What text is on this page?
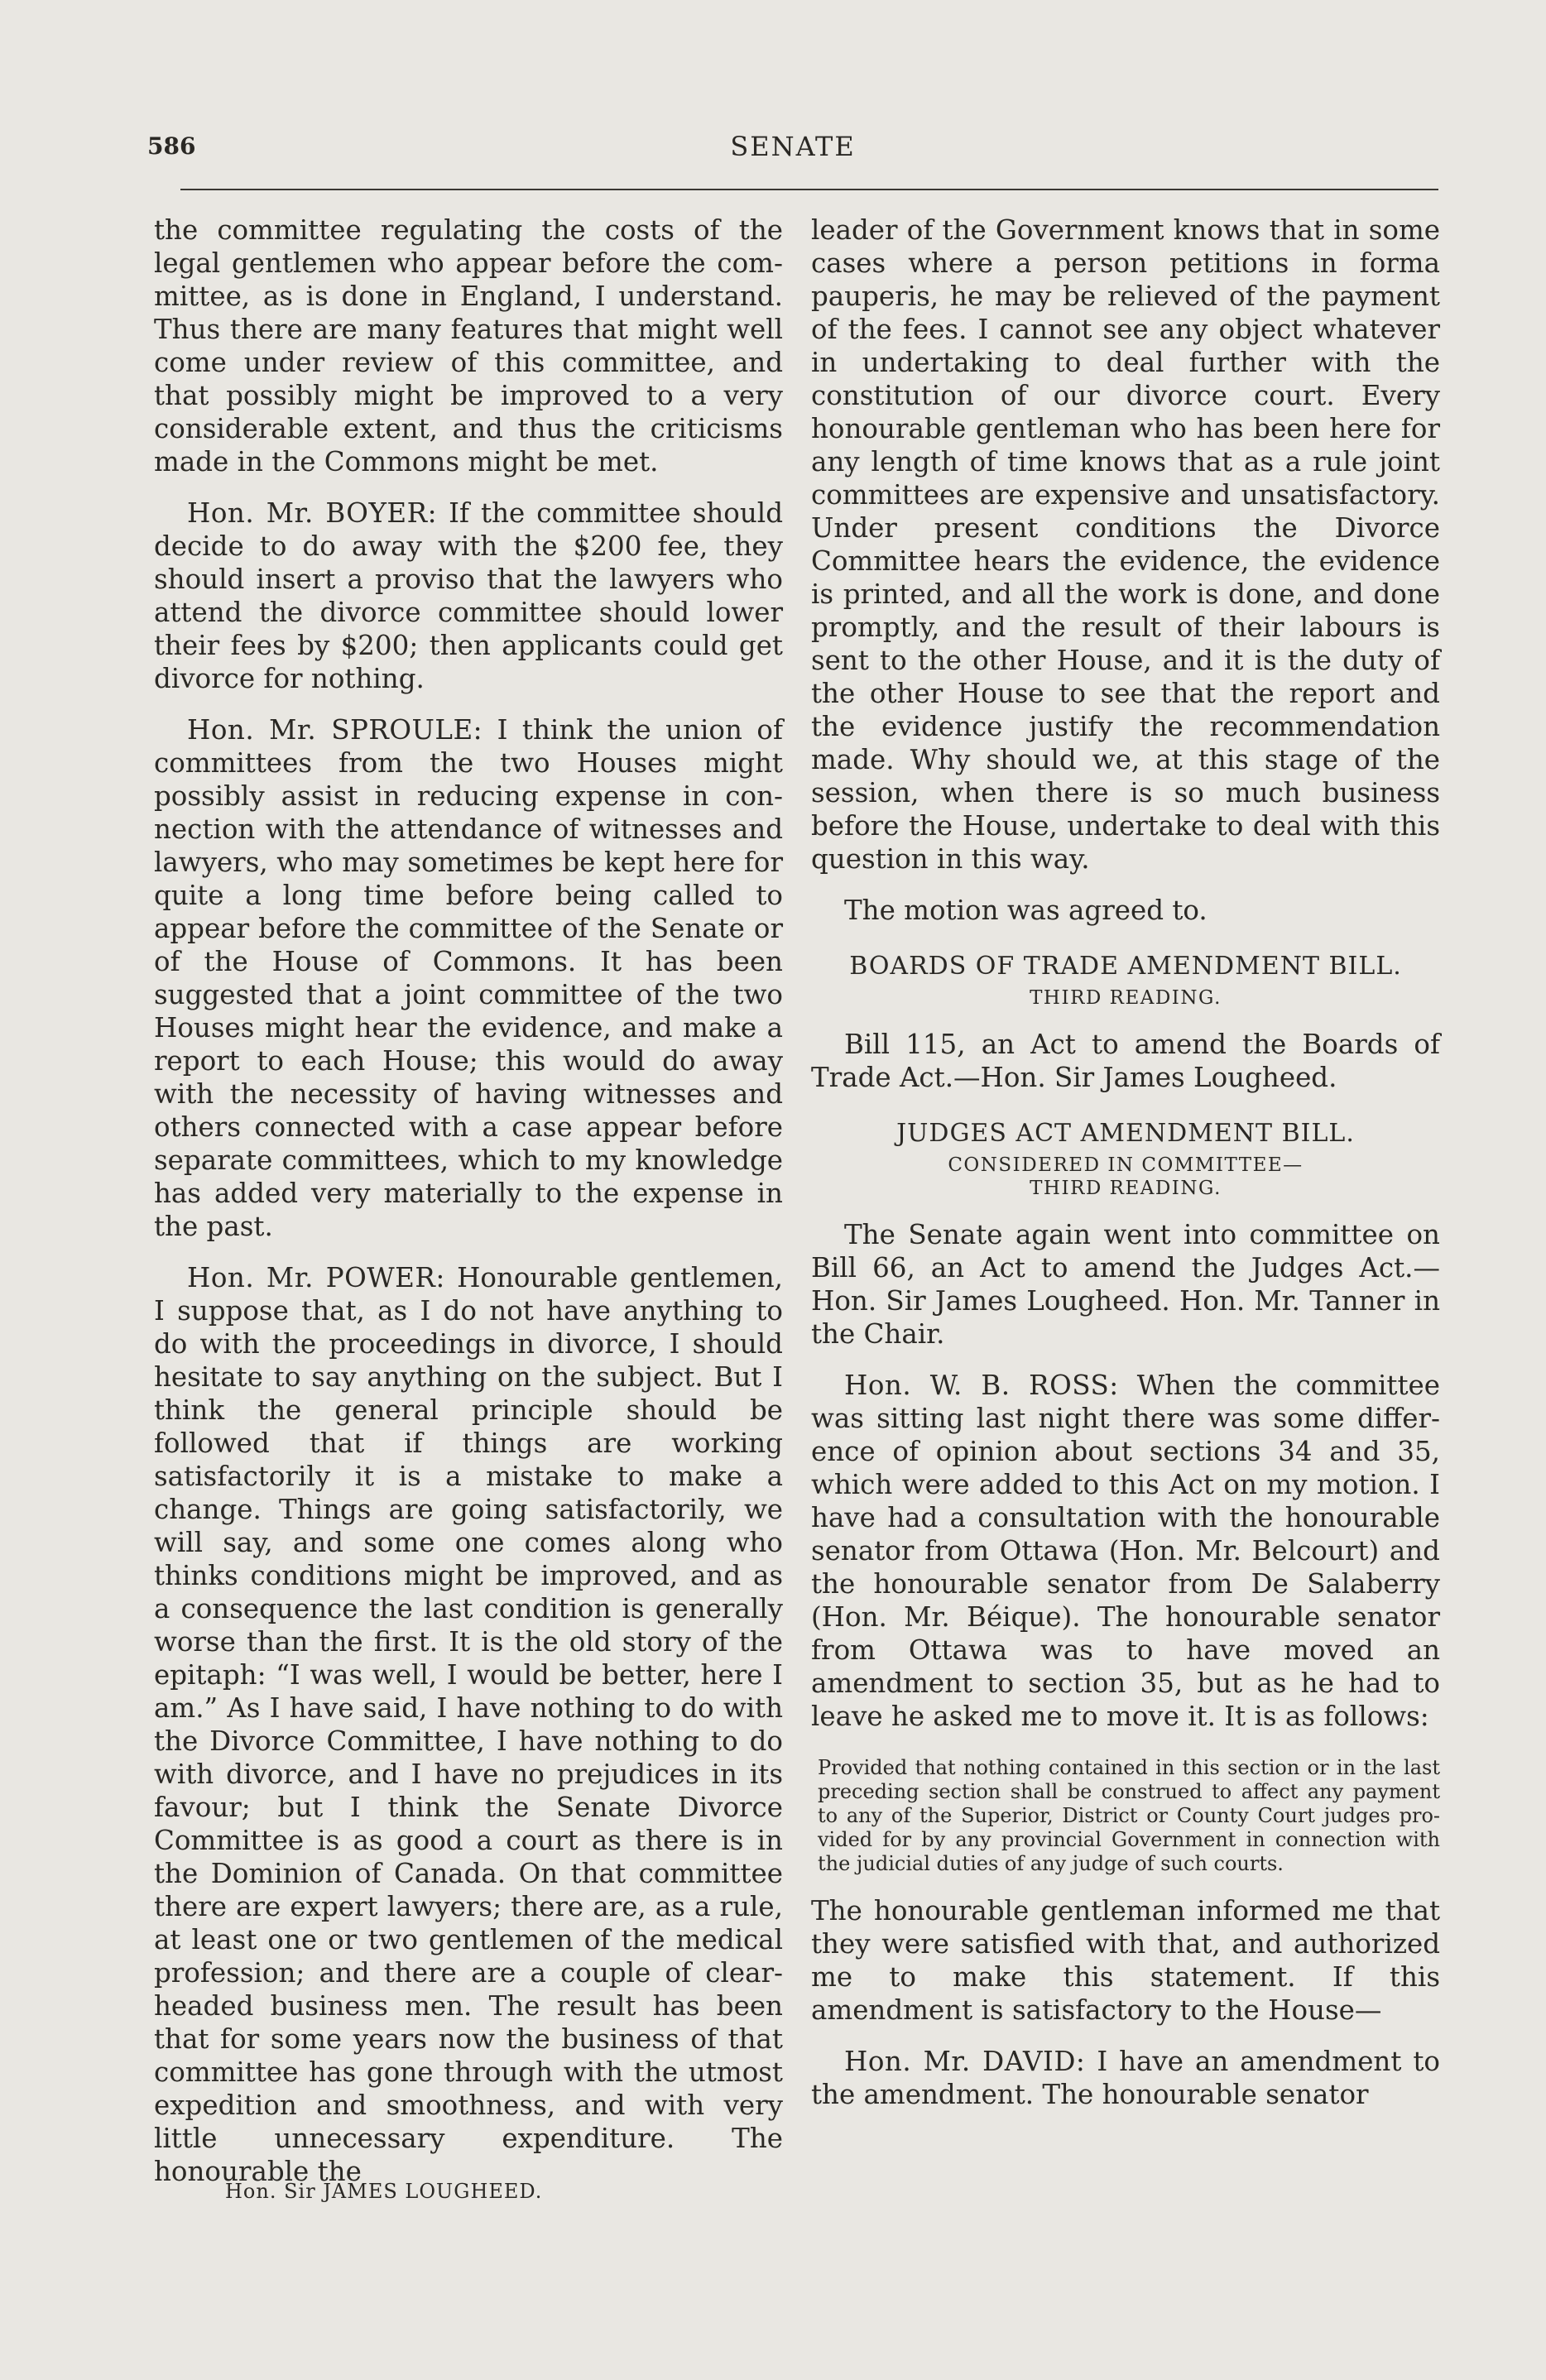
586	SENATE

the committee regulating the costs of the legal gentlemen who appear before the committee, as is done in England, I understand. Thus there are many features that might well come under review of this committee, and that possibly might be improved to a very considerable extent, and thus the criticisms made in the Commons might be met.

Hon. Mr. BOYER: If the committee should decide to do away with the $200 fee, they should insert a proviso that the lawyers who attend the divorce committee should lower their fees by $200; then applicants could get divorce for nothing.

Hon. Mr. SPROULE: I think the union of committees from the two Houses might possibly assist in reducing expense in connection with the attendance of witnesses and lawyers, who may sometimes be kept here for quite a long time before being called to appear before the committee of the Senate or of the House of Commons. It has been suggested that a joint committee of the two Houses might hear the evidence, and make a report to each House; this would do away with the necessity of having witnesses and others connected with a case appear before separate committees, which to my knowledge has added very materially to the expense in the past.

Hon. Mr. POWER: Honourable gentlemen, I suppose that, as I do not have anything to do with the proceedings in divorce, I should hesitate to say anything on the subject. But I think the general principle should be followed that if things are working satisfactorily it is a mistake to make a change. Things are going satisfactorily, we will say, and some one comes along who thinks conditions might be improved, and as a consequence the last condition is generally worse than the first. It is the old story of the epitaph: “I was well, I would be better, here I am.” As I have said, I have nothing to do with the Divorce Committee, I have nothing to do with divorce, and I have no prejudices in its favour; but I think the Senate Divorce Committee is as good a court as there is in the Dominion of Canada. On that committee there are expert lawyers; there are, as a rule, at least one or two gentlemen of the medical profession; and there are a couple of clear-headed business men. The result has been that for some years now the business of that committee has gone through with the utmost expedition and smoothness, and with very little unnecessary expenditure. The honourable the

Hon. Sir JAMES LOUGHEED.

leader of the Government knows that in some cases where a person petitions in forma pauperis, he may be relieved of the payment of the fees. I cannot see any object whatever in undertaking to deal further with the constitution of our divorce court. Every honourable gentleman who has been here for any length of time knows that as a rule joint committees are expensive and unsatisfactory. Under present conditions the Divorce Committee hears the evidence, the evidence is printed, and all the work is done, and done promptly, and the result of their labours is sent to the other House, and it is the duty of the other House to see that the report and the evidence justify the recommendation made. Why should we, at this stage of the session, when there is so much business before the House, undertake to deal with this question in this way.

The motion was agreed to.

BOARDS OF TRADE AMENDMENT BILL.

THIRD READING.

Bill 115, an Act to amend the Boards of Trade Act.—Hon. Sir James Lougheed.

JUDGES ACT AMENDMENT BILL.

CONSIDERED IN COMMITTEE—
THIRD READING.

The Senate again went into committee on Bill 66, an Act to amend the Judges Act.—Hon. Sir James Lougheed. Hon. Mr. Tanner in the Chair.

Hon. W. B. ROSS: When the committee was sitting last night there was some difference of opinion about sections 34 and 35, which were added to this Act on my motion. I have had a consultation with the honourable senator from Ottawa (Hon. Mr. Belcourt) and the honourable senator from De Salaberry (Hon. Mr. Béique). The honourable senator from Ottawa was to have moved an amendment to section 35, but as he had to leave he asked me to move it. It is as follows:

Provided that nothing contained in this section or in the last preceding section shall be construed to affect any payment to any of the Superior, District or County Court judges provided for by any provincial Government in connection with the judicial duties of any judge of such courts.

The honourable gentleman informed me that they were satisfied with that, and authorized me to make this statement. If this amendment is satisfactory to the House—

Hon. Mr. DAVID: I have an amendment to the amendment. The honourable senator
